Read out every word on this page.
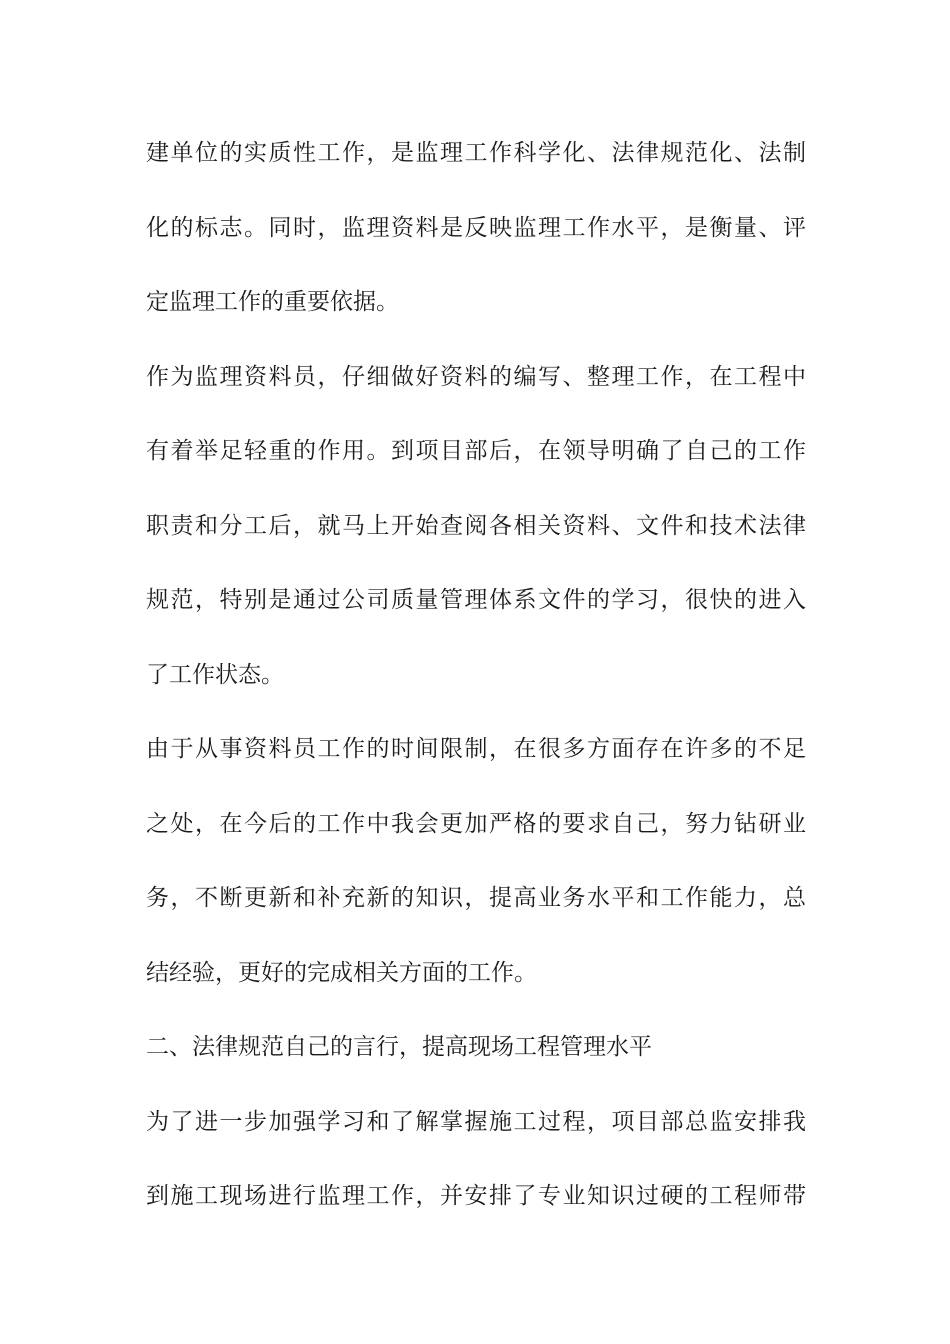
建单位的实质性工作，是监理工作科学化、法律规范化、法制
化的标志。同时，监理资料是反映监理工作水平，是衡量、评
定监理工作的重要依据。
作为监理资料员，仔细做好资料的编写、整理工作，在工程中
有着举足轻重的作用。到项目部后，在领导明确了自己的工作
职责和分工后，就马上开始查阅各相关资料、文件和技术法律
规范，特别是通过公司质量管理体系文件的学习，很快的进入
了工作状态。
由于从事资料员工作的时间限制，在很多方面存在许多的不足
之处，在今后的工作中我会更加严格的要求自己，努力钻研业
务，不断更新和补充新的知识，提高业务水平和工作能力，总
结经验，更好的完成相关方面的工作。
二、法律规范自己的言行，提高现场工程管理水平
为了进一步加强学习和了解掌握施工过程，项目部总监安排我
到施工现场进行监理工作，并安排了专业知识过硬的工程师带
